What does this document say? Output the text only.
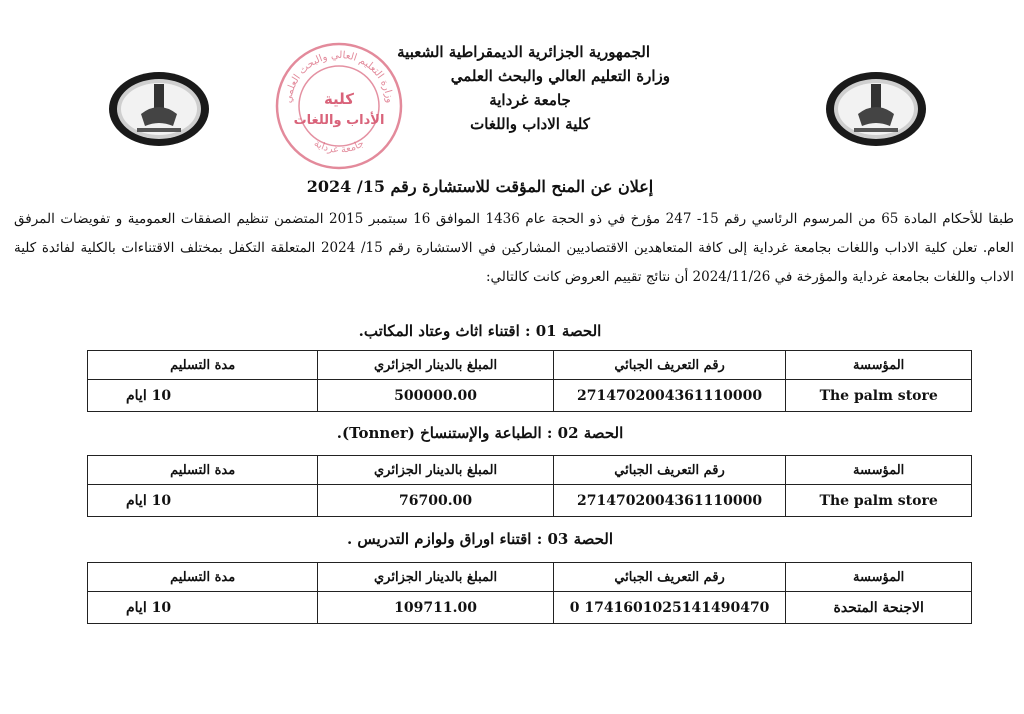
وزارة التعليم العالي والبحث العلمي
جامعة غرداية
كلية
الأداب واللغات
الجمهورية الجزائرية الديمقراطية الشعبية
وزارة التعليم العالي والبحث العلمي
جامعة غرداية
كلية الاداب واللغات
إعلان عن المنح المؤقت للاستشارة رقم 15/ 2024
طبقا للأحكام المادة 65 من المرسوم الرئاسي رقم 15- 247 مؤرخ في ذو الحجة عام 1436 الموافق 16 سبتمبر 2015 المتضمن تنظيم الصفقات العمومية و تفويضات المرفق العام. تعلن كلية الاداب واللغات بجامعة غرداية إلى كافة المتعاهدين الاقتصاديين المشاركين في الاستشارة رقم 15/ 2024 المتعلقة التكفل بمختلف الاقتناءات بالكلية لفائدة كلية الاداب واللغات بجامعة غرداية والمؤرخة في 2024/11/26 أن نتائج تقييم العروض كانت كالتالي:
الحصة 01 : اقتناء اثاث وعتاد المكاتب.
المؤسسة	رقم التعريف الجبائي	المبلغ بالدينار الجزائري	مدة التسليم
The palm store	2714702004361110000	500000.00	10 ايام
الحصة 02 : الطباعة والإستنساخ (Tonner).
المؤسسة	رقم التعريف الجبائي	المبلغ بالدينار الجزائري	مدة التسليم
The palm store	2714702004361110000	76700.00	10 ايام
الحصة 03 : اقتناء اوراق ولوازم التدريس .
المؤسسة	رقم التعريف الجبائي	المبلغ بالدينار الجزائري	مدة التسليم
الاجنحة المتحدة	1741601025141490470 0	109711.00	10 ايام
